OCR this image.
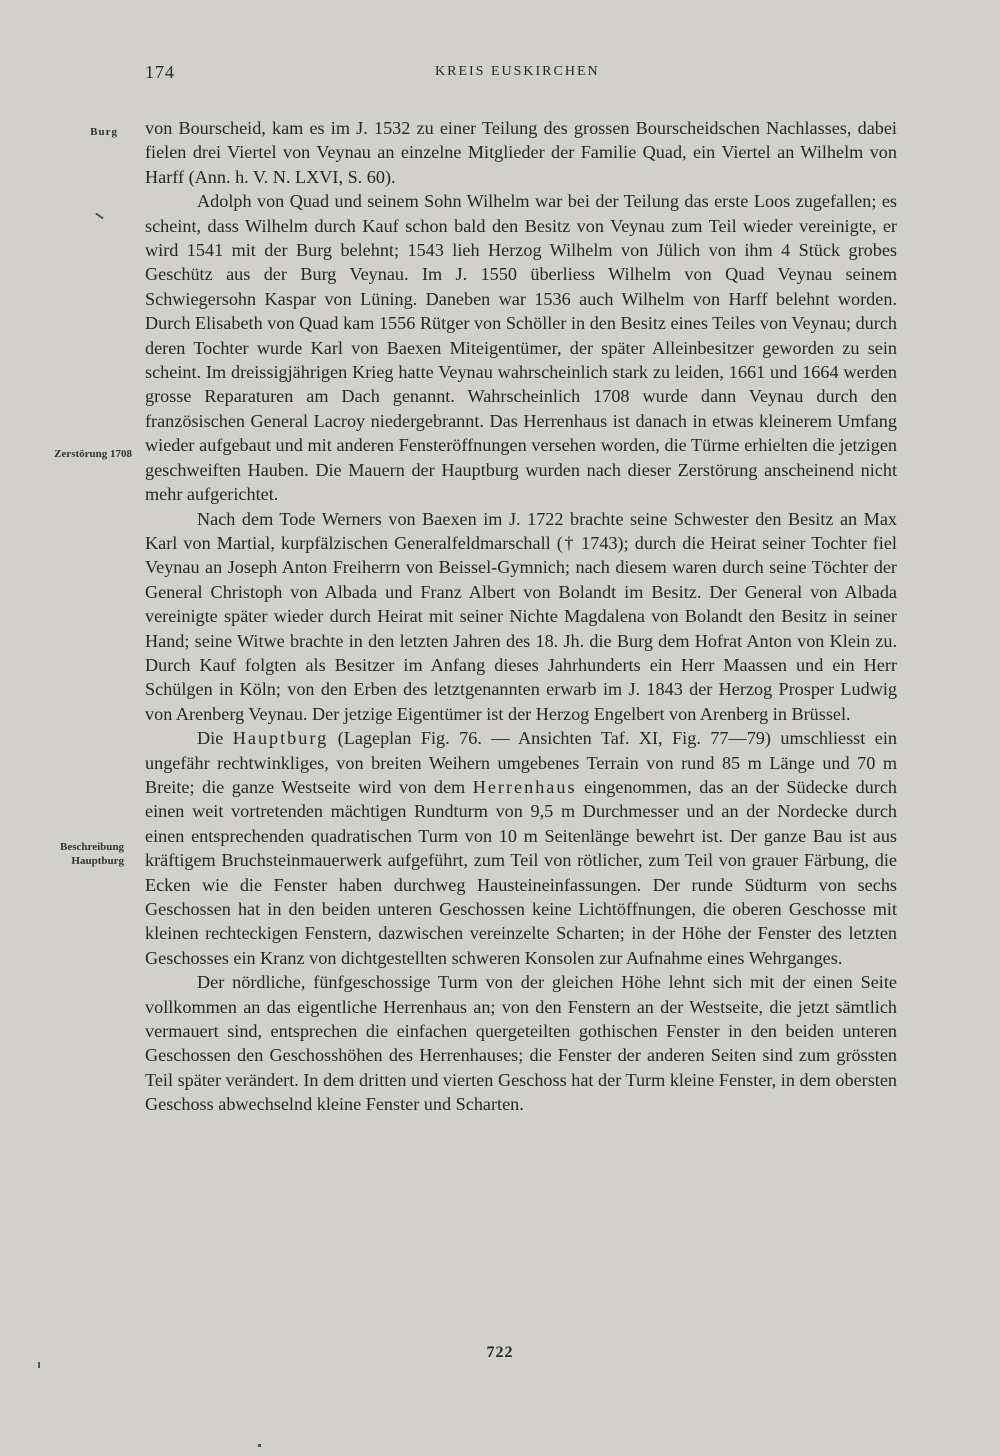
174	KREIS EUSKIRCHEN
Burg
Zerstörung 1708
Beschreibung
Hauptburg

von Bourscheid, kam es im J. 1532 zu einer Teilung des grossen Bourscheidschen Nachlasses, dabei fielen drei Viertel von Veynau an einzelne Mitglieder der Familie Quad, ein Viertel an Wilhelm von Harff (Ann. h. V. N. LXVI, S. 60).

Adolph von Quad und seinem Sohn Wilhelm war bei der Teilung das erste Loos zugefallen; es scheint, dass Wilhelm durch Kauf schon bald den Besitz von Veynau zum Teil wieder vereinigte, er wird 1541 mit der Burg belehnt; 1543 lieh Herzog Wilhelm von Jülich von ihm 4 Stück grobes Geschütz aus der Burg Veynau. Im J. 1550 überliess Wilhelm von Quad Veynau seinem Schwiegersohn Kaspar von Lüning. Daneben war 1536 auch Wilhelm von Harff belehnt worden. Durch Elisabeth von Quad kam 1556 Rütger von Schöller in den Besitz eines Teiles von Veynau; durch deren Tochter wurde Karl von Baexen Miteigentümer, der später Alleinbesitzer geworden zu sein scheint. Im dreissigjährigen Krieg hatte Veynau wahrscheinlich stark zu leiden, 1661 und 1664 werden grosse Reparaturen am Dach genannt. Wahrscheinlich 1708 wurde dann Veynau durch den französischen General Lacroy niedergebrannt. Das Herrenhaus ist danach in etwas kleinerem Umfang wieder aufgebaut und mit anderen Fensteröffnungen versehen worden, die Türme erhielten die jetzigen geschweiften Hauben. Die Mauern der Hauptburg wurden nach dieser Zerstörung anscheinend nicht mehr aufgerichtet.

Nach dem Tode Werners von Baexen im J. 1722 brachte seine Schwester den Besitz an Max Karl von Martial, kurpfälzischen Generalfeldmarschall († 1743); durch die Heirat seiner Tochter fiel Veynau an Joseph Anton Freiherrn von Beissel-Gymnich; nach diesem waren durch seine Töchter der General Christoph von Albada und Franz Albert von Bolandt im Besitz. Der General von Albada vereinigte später wieder durch Heirat mit seiner Nichte Magdalena von Bolandt den Besitz in seiner Hand; seine Witwe brachte in den letzten Jahren des 18. Jh. die Burg dem Hofrat Anton von Klein zu. Durch Kauf folgten als Besitzer im Anfang dieses Jahrhunderts ein Herr Maassen und ein Herr Schülgen in Köln; von den Erben des letztgenannten erwarb im J. 1843 der Herzog Prosper Ludwig von Arenberg Veynau. Der jetzige Eigentümer ist der Herzog Engelbert von Arenberg in Brüssel.

Die Hauptburg (Lageplan Fig. 76. — Ansichten Taf. XI, Fig. 77—79) umschliesst ein ungefähr rechtwinkliges, von breiten Weihern umgebenes Terrain von rund 85 m Länge und 70 m Breite; die ganze Westseite wird von dem Herrenhaus eingenommen, das an der Südecke durch einen weit vortretenden mächtigen Rundturm von 9,5 m Durchmesser und an der Nordecke durch einen entsprechenden quadratischen Turm von 10 m Seitenlänge bewehrt ist. Der ganze Bau ist aus kräftigem Bruchsteinmauerwerk aufgeführt, zum Teil von rötlicher, zum Teil von grauer Färbung, die Ecken wie die Fenster haben durchweg Hausteineinfassungen. Der runde Südturm von sechs Geschossen hat in den beiden unteren Geschossen keine Lichtöffnungen, die oberen Geschosse mit kleinen rechteckigen Fenstern, dazwischen vereinzelte Scharten; in der Höhe der Fenster des letzten Geschosses ein Kranz von dichtgestellten schweren Konsolen zur Aufnahme eines Wehrganges.

Der nördliche, fünfgeschossige Turm von der gleichen Höhe lehnt sich mit der einen Seite vollkommen an das eigentliche Herrenhaus an; von den Fenstern an der Westseite, die jetzt sämtlich vermauert sind, entsprechen die einfachen quergeteilten gothischen Fenster in den beiden unteren Geschossen den Geschosshöhen des Herrenhauses; die Fenster der anderen Seiten sind zum grössten Teil später verändert. In dem dritten und vierten Geschoss hat der Turm kleine Fenster, in dem obersten Geschoss abwechselnd kleine Fenster und Scharten.

722
